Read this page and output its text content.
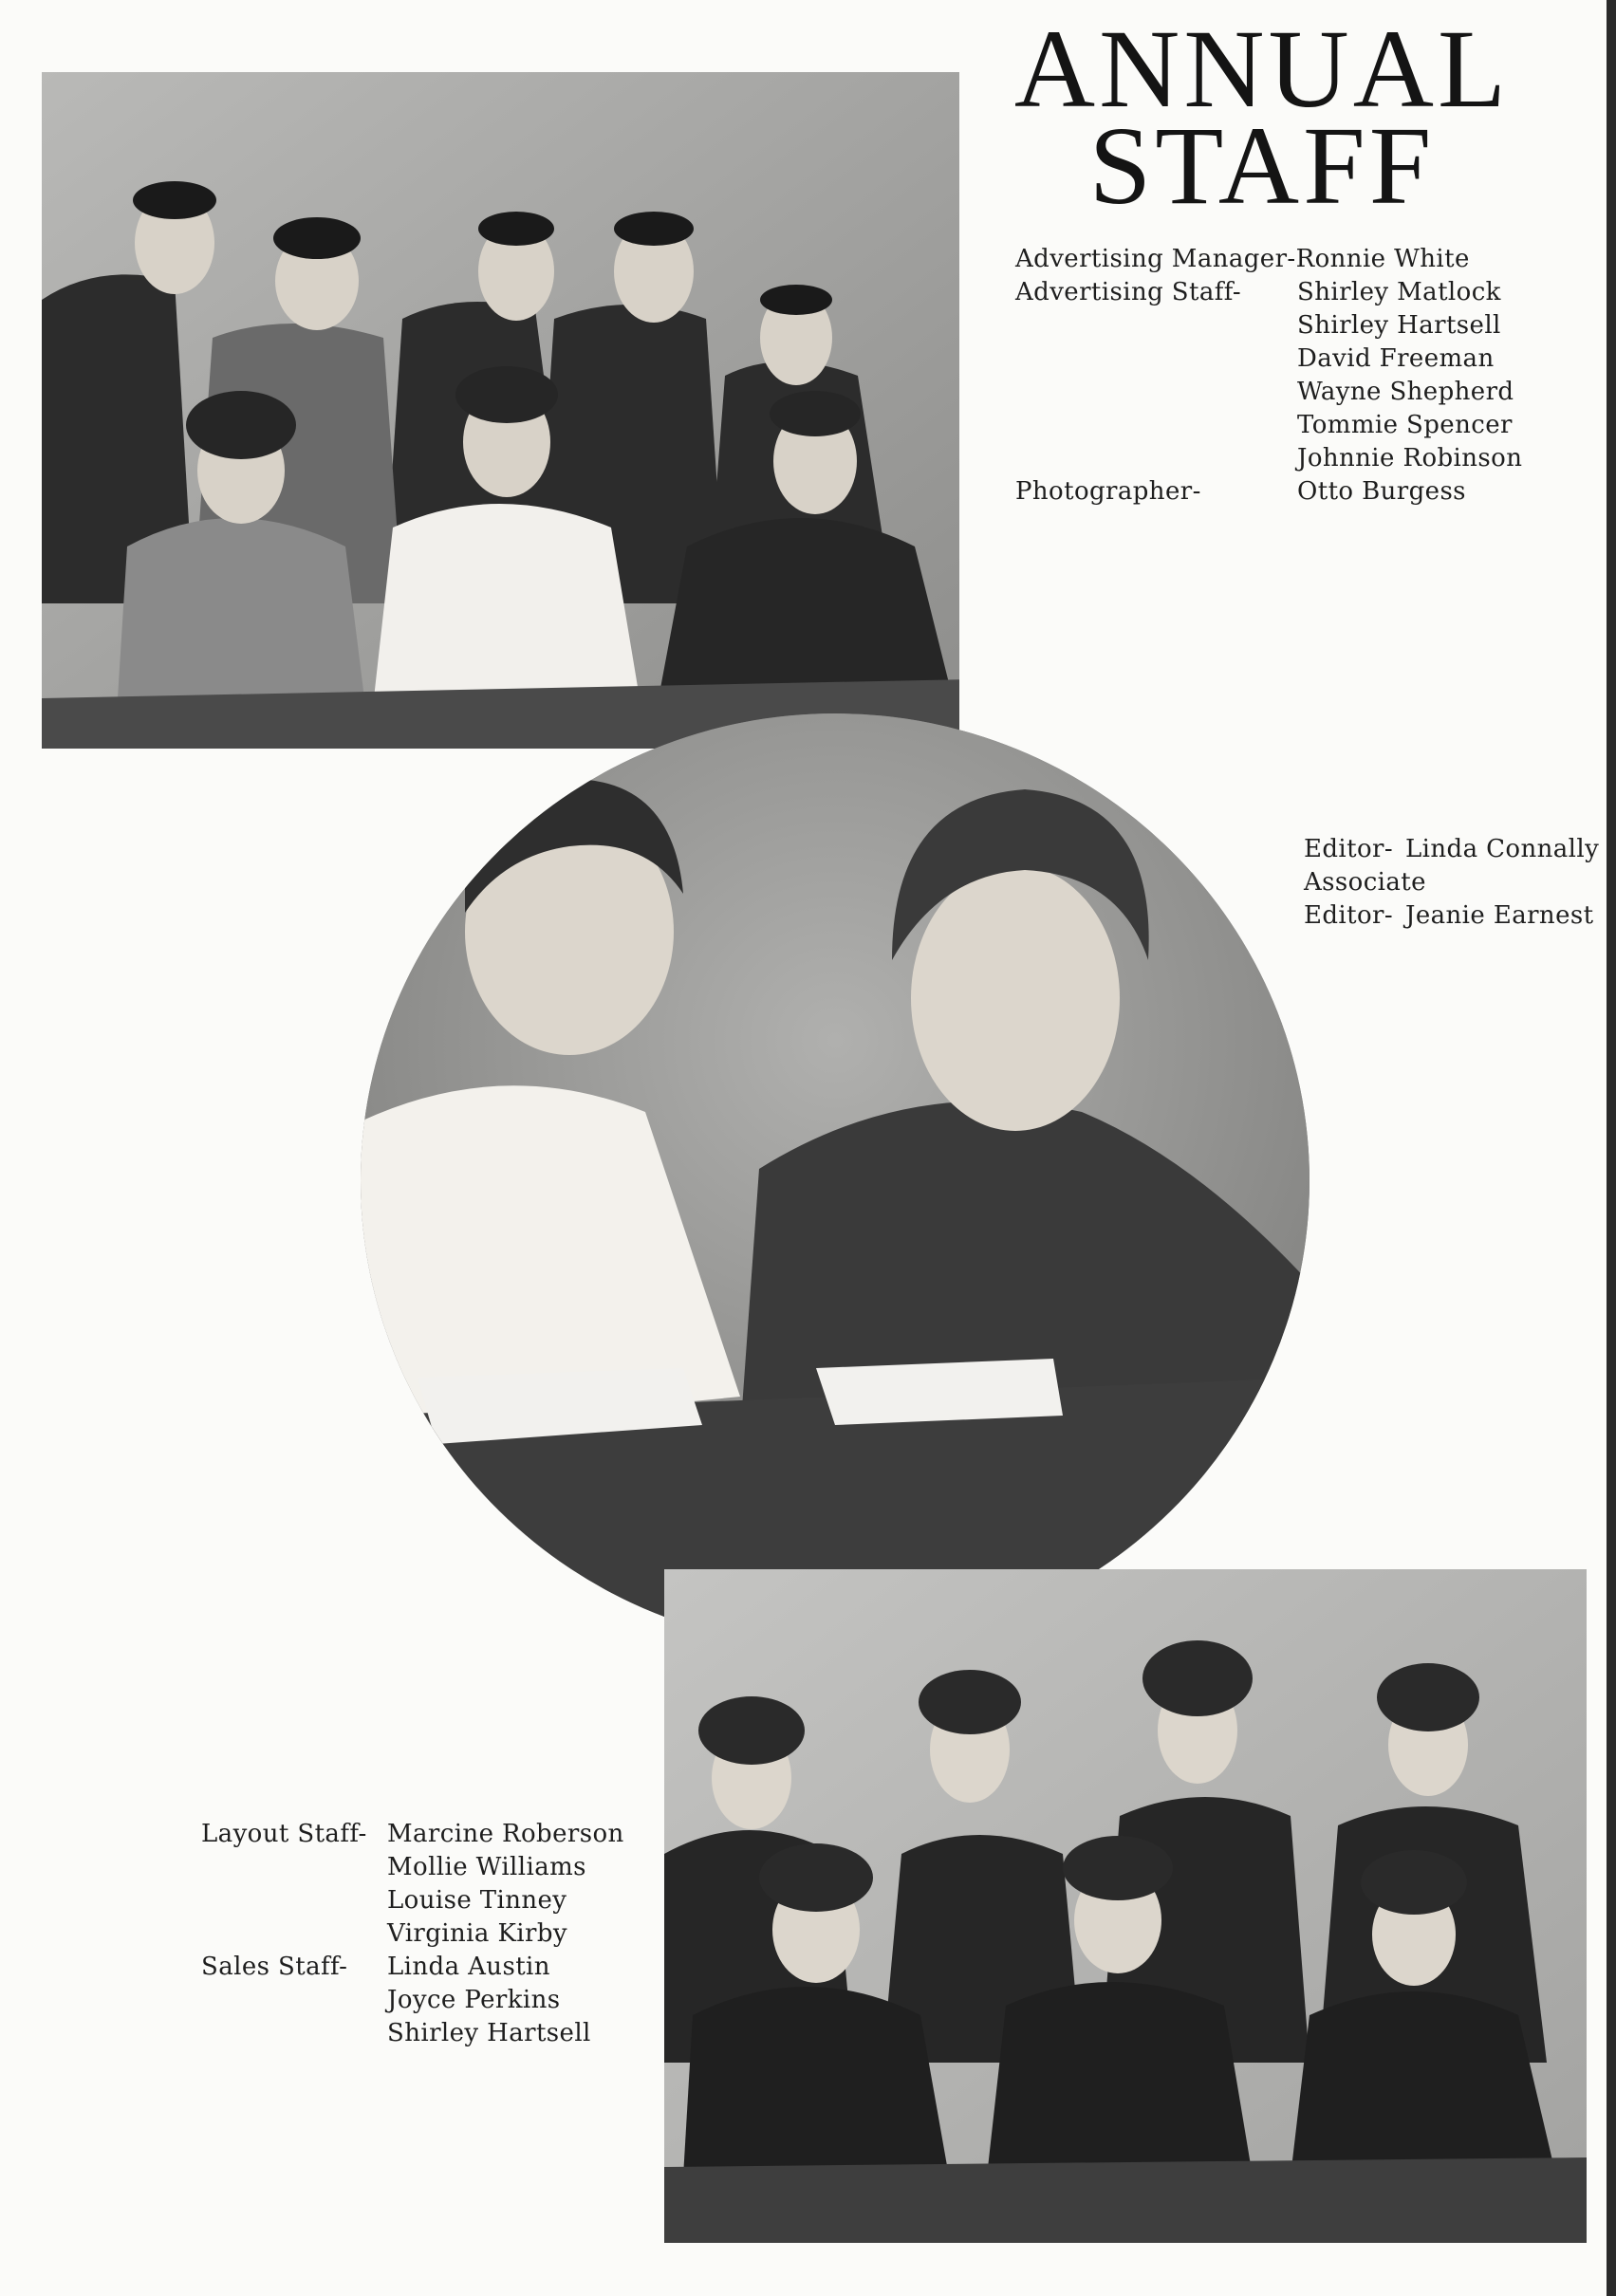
ANNUAL
STAFF
Advertising Manager- Ronnie White
Advertising Staff-	Shirley Matlock
Shirley Hartsell
David Freeman
Wayne Shepherd
Tommie Spencer
Johnnie Robinson
Photographer-	Otto Burgess
Editor- Linda Connally
Associate
Editor- Jeanie Earnest
Layout Staff- Marcine Roberson
Mollie Williams
Louise Tinney
Virginia Kirby
Sales Staff-	Linda Austin
Joyce Perkins
Shirley Hartsell
